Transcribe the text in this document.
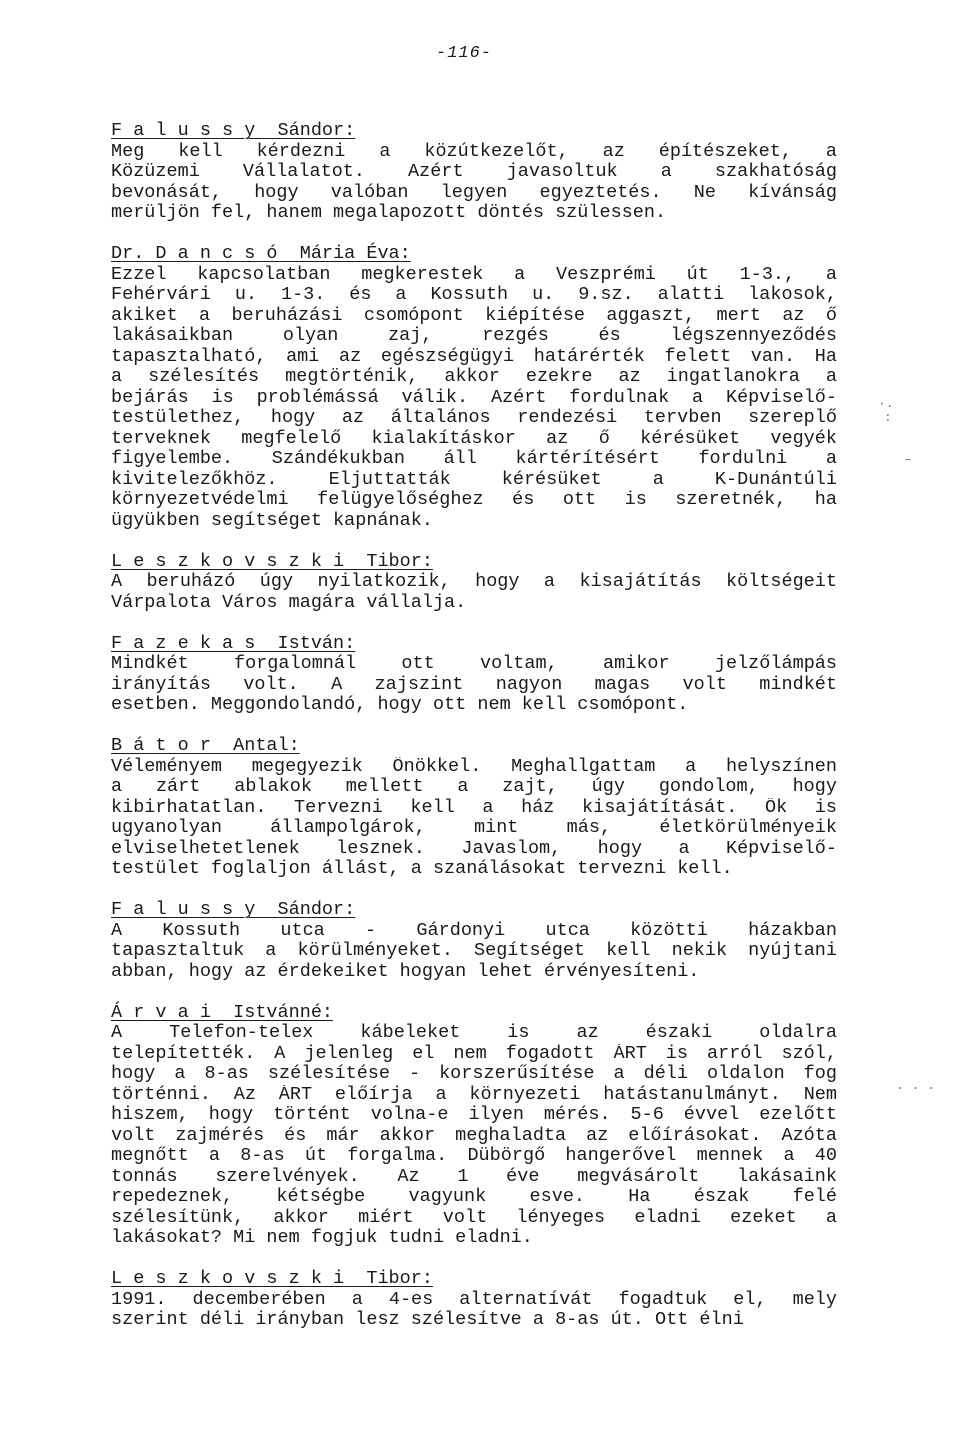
-116-
·.
:
–
. . .
F a l u s s y  Sándor:
Meg kell kérdezni a közútkezelőt, az építészeket, a
Közüzemi Vállalatot. Azért javasoltuk a szakhatóság
bevonását, hogy valóban legyen egyeztetés. Ne kívánság
merüljön fel, hanem megalapozott döntés szülessen.
Dr. D a n c s ó  Mária Éva:
Ezzel kapcsolatban megkerestek a Veszprémi út 1-3., a
Fehérvári u. 1-3. és a Kossuth u. 9.sz. alatti lakosok,
akiket a beruházási csomópont kiépítése aggaszt, mert az ő
lakásaikban olyan zaj, rezgés és légszennyeződés
tapasztalható, ami az egészségügyi határérték felett van. Ha
a szélesítés megtörténik, akkor ezekre az ingatlanokra a
bejárás is problémássá válik. Azért fordulnak a Képviselő-
testülethez, hogy az általános rendezési tervben szereplő
terveknek megfelelő kialakításkor az ő kérésüket vegyék
figyelembe. Szándékukban áll kártérítésért fordulni a
kivitelezőkhöz. Eljuttatták kérésüket a K-Dunántúli
környezetvédelmi felügyelőséghez és ott is szeretnék, ha
ügyükben segítséget kapnának.
L e s z k o v s z k i  Tibor:
A beruházó úgy nyilatkozik, hogy a kisajátítás költségeit
Várpalota Város magára vállalja.
F a z e k a s  István:
Mindkét forgalomnál ott voltam, amikor jelzőlámpás
irányítás volt. A zajszint nagyon magas volt mindkét
esetben. Meggondolandó, hogy ott nem kell csomópont.
B á t o r  Antal:
Véleményem megegyezik Önökkel. Meghallgattam a helyszínen
a zárt ablakok mellett a zajt, úgy gondolom, hogy
kibirhatatlan. Tervezni kell a ház kisajátítását. Ők is
ugyanolyan állampolgárok, mint más, életkörülményeik
elviselhetetlenek lesznek. Javaslom, hogy a Képviselő-
testület foglaljon állást, a szanálásokat tervezni kell.
F a l u s s y  Sándor:
A Kossuth utca - Gárdonyi utca közötti házakban
tapasztaltuk a körülményeket. Segítséget kell nekik nyújtani
abban, hogy az érdekeiket hogyan lehet érvényesíteni.
Á r v a i  Istvánné:
A Telefon-telex kábeleket is az északi oldalra
telepítették. A jelenleg el nem fogadott ÁRT is arról szól,
hogy a 8-as szélesítése - korszerűsítése a déli oldalon fog
történni. Az ÁRT előírja a környezeti hatástanulmányt. Nem
hiszem, hogy történt volna-e ilyen mérés. 5-6 évvel ezelőtt
volt zajmérés és már akkor meghaladta az előírásokat. Azóta
megnőtt a 8-as út forgalma. Dübörgő hangerővel mennek a 40
tonnás szerelvények. Az 1 éve megvásárolt lakásaink
repedeznek, kétségbe vagyunk esve. Ha észak felé
szélesítünk, akkor miért volt lényeges eladni ezeket a
lakásokat? Mi nem fogjuk tudni eladni.
L e s z k o v s z k i  Tibor:
1991. decemberében a 4-es alternatívát fogadtuk el, mely
szerint déli irányban lesz szélesítve a 8-as út. Ott élni
